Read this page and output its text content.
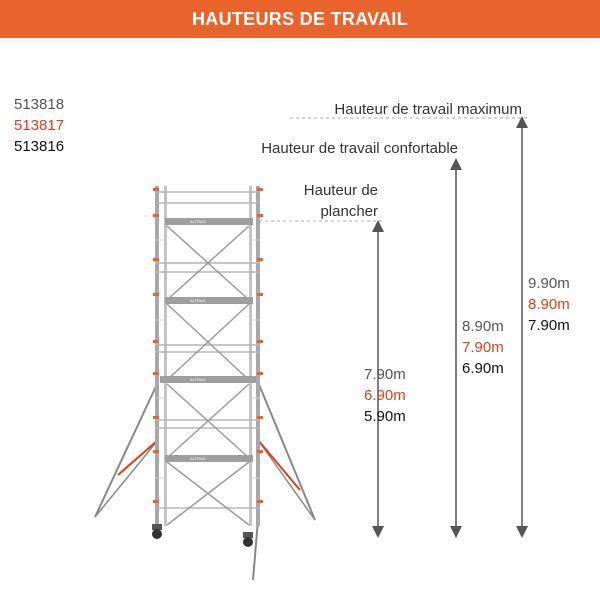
HAUTEURS DE TRAVAIL
513818
513817
513816
ALTRAD
ALTRAD
ALTRAD
ALTRAD
Hauteur de
plancher
Hauteur de travail confortable
Hauteur de travail maximum
7.90m
6.90m
5.90m
8.90m
7.90m
6.90m
9.90m
8.90m
7.90m
